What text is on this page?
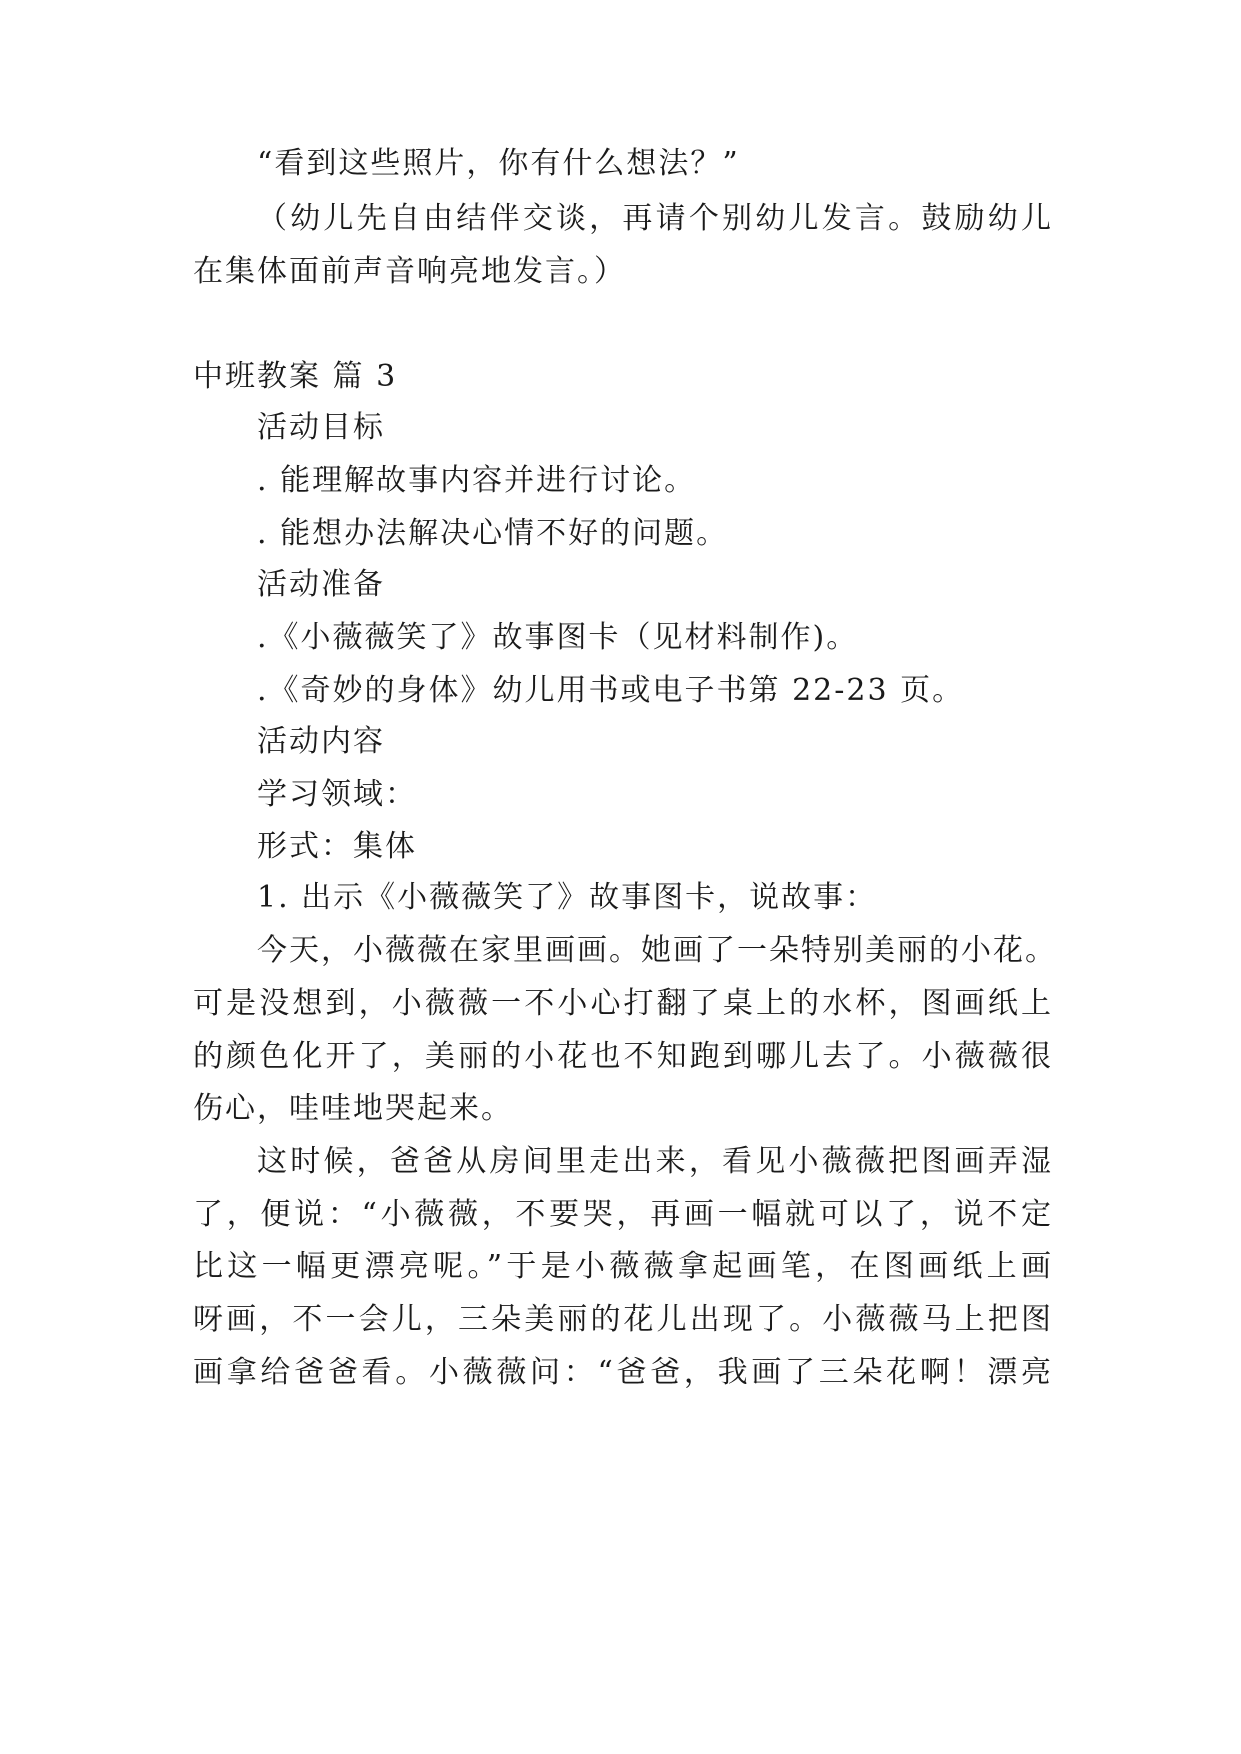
“看到这些照片，你有什么想法？”

（幼儿先自由结伴交谈，再请个别幼儿发言。鼓励幼儿

在集体面前声音响亮地发言。）

中班教案 篇 3

活动目标

. 能理解故事内容并进行讨论。

. 能想办法解决心情不好的问题。

活动准备

.《小薇薇笑了》故事图卡（见材料制作)。

.《奇妙的身体》幼儿用书或电子书第 22-23 页。

活动内容

学习领域：

形式：集体

1. 出示《小薇薇笑了》故事图卡，说故事：

今天，小薇薇在家里画画。她画了一朵特别美丽的小花。

可是没想到，小薇薇一不小心打翻了桌上的水杯，图画纸上

的颜色化开了，美丽的小花也不知跑到哪儿去了。小薇薇很

伤心，哇哇地哭起来。

这时候，爸爸从房间里走出来，看见小薇薇把图画弄湿

了，便说：“小薇薇，不要哭，再画一幅就可以了，说不定

比这一幅更漂亮呢。”于是小薇薇拿起画笔，在图画纸上画

呀画，不一会儿，三朵美丽的花儿出现了。小薇薇马上把图

画拿给爸爸看。小薇薇问：“爸爸，我画了三朵花啊！漂亮
